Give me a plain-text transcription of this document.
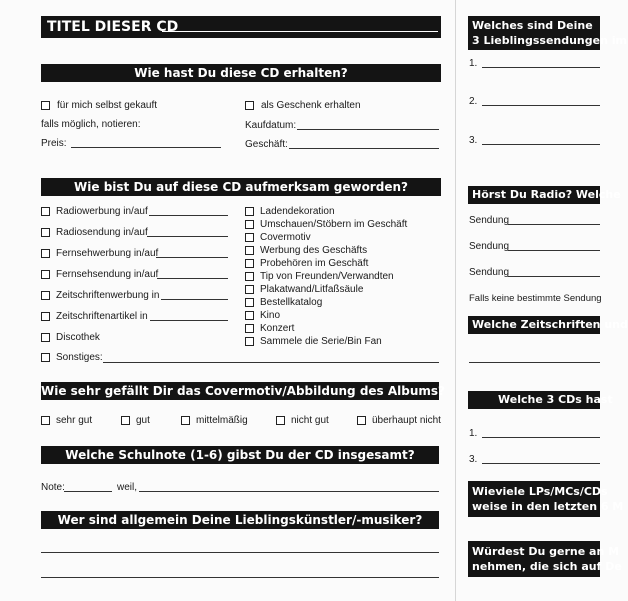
TITEL DIESER CD
Wie hast Du diese CD erhalten?
für mich selbst gekauft	als Geschenk erhalten
falls möglich, notieren:	Kaufdatum:
Preis:	Geschäft:
Wie bist Du auf diese CD aufmerksam geworden?
Radiowerbung in/auf
Radiosendung in/auf
Fernsehwerbung in/auf
Fernsehsendung in/auf
Zeitschriftenwerbung in
Zeitschriftenartikel in
Discothek
Ladendekoration
Umschauen/Stöbern im Geschäft
Covermotiv
Werbung des Geschäfts
Probehören im Geschäft
Tip von Freunden/Verwandten
Plakatwand/Litfaßsäule
Bestellkatalog
Kino
Konzert
Sammele die Serie/Bin Fan
Sonstiges:
Wie sehr gefällt Dir das Covermotiv/Abbildung des Albums?
sehr gut	gut	mittelmäßig	nicht gut	überhaupt nicht
Welche Schulnote (1-6) gibst Du der CD insgesamt?
Note:	weil,
Wer sind allgemein Deine Lieblingskünstler/-musiker?
Welches sind Deine
3 Lieblingssendungen im
1.
2.
3.
Hörst Du Radio? Welche
Sendung
Sendung
Sendung
Falls keine bestimmte Sendung
Welche Zeitschriften und
Welche 3 CDs hast
1.
3.
Wieviele LPs/MCs/CDs
weise in den letzten 6 M
Würdest Du gerne an M
nehmen, die sich auf De
